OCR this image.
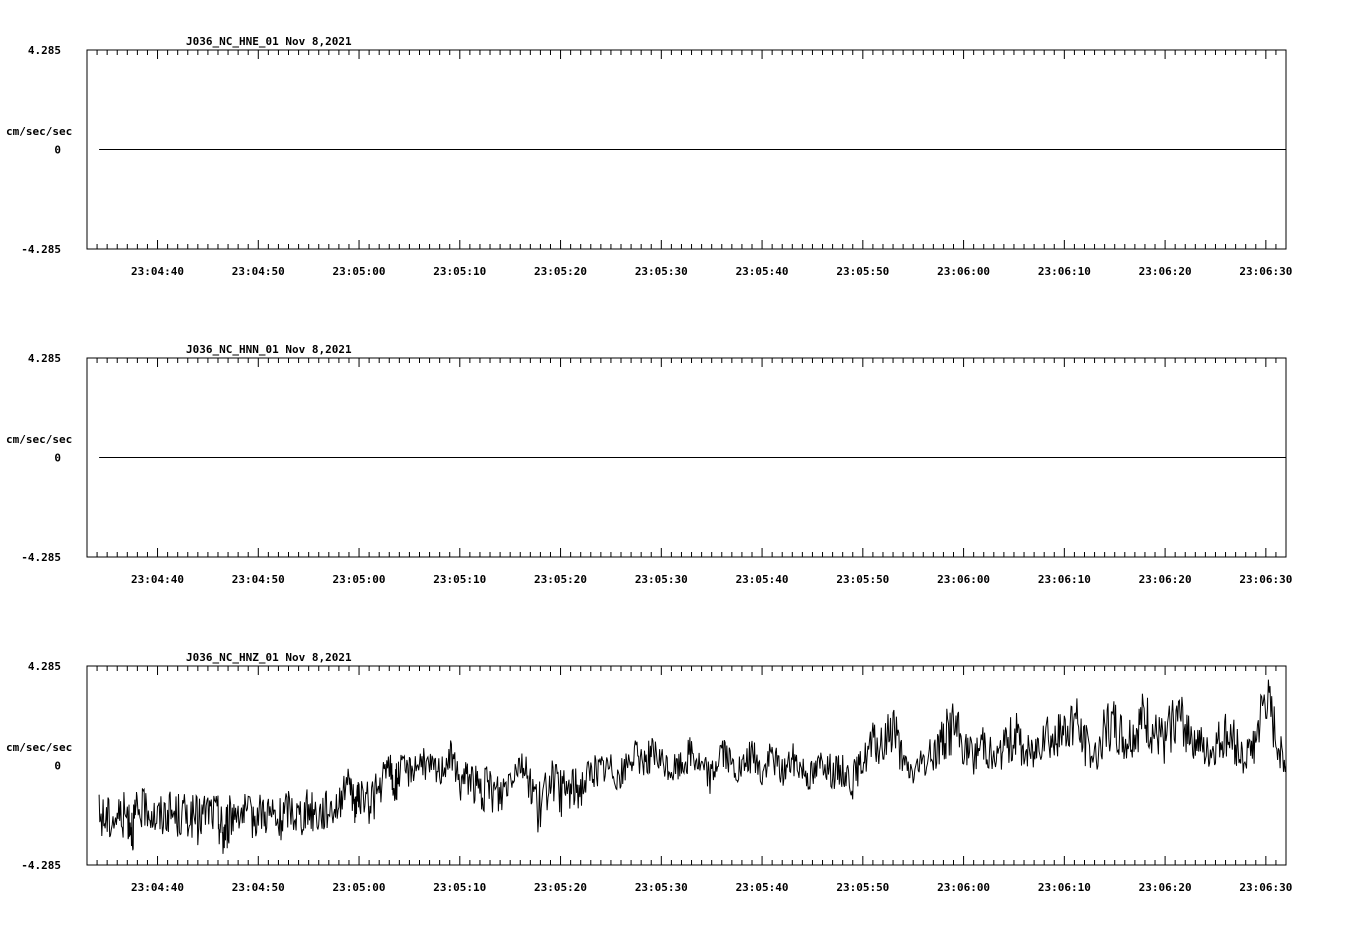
J036_NC_HNE_01 Nov 8,2021
cm/sec/sec
4.285
0
-4.285
23:04:40	23:04:50	23:05:00	23:05:10	23:05:20	23:05:30	23:05:40	23:05:50	23:06:00	23:06:10	23:06:20	23:06:30
J036_NC_HNN_01 Nov 8,2021
cm/sec/sec
4.285
0
-4.285
23:04:40	23:04:50	23:05:00	23:05:10	23:05:20	23:05:30	23:05:40	23:05:50	23:06:00	23:06:10	23:06:20	23:06:30
J036_NC_HNZ_01 Nov 8,2021
cm/sec/sec
4.285
0
-4.285
23:04:40	23:04:50	23:05:00	23:05:10	23:05:20	23:05:30	23:05:40	23:05:50	23:06:00	23:06:10	23:06:20	23:06:30
